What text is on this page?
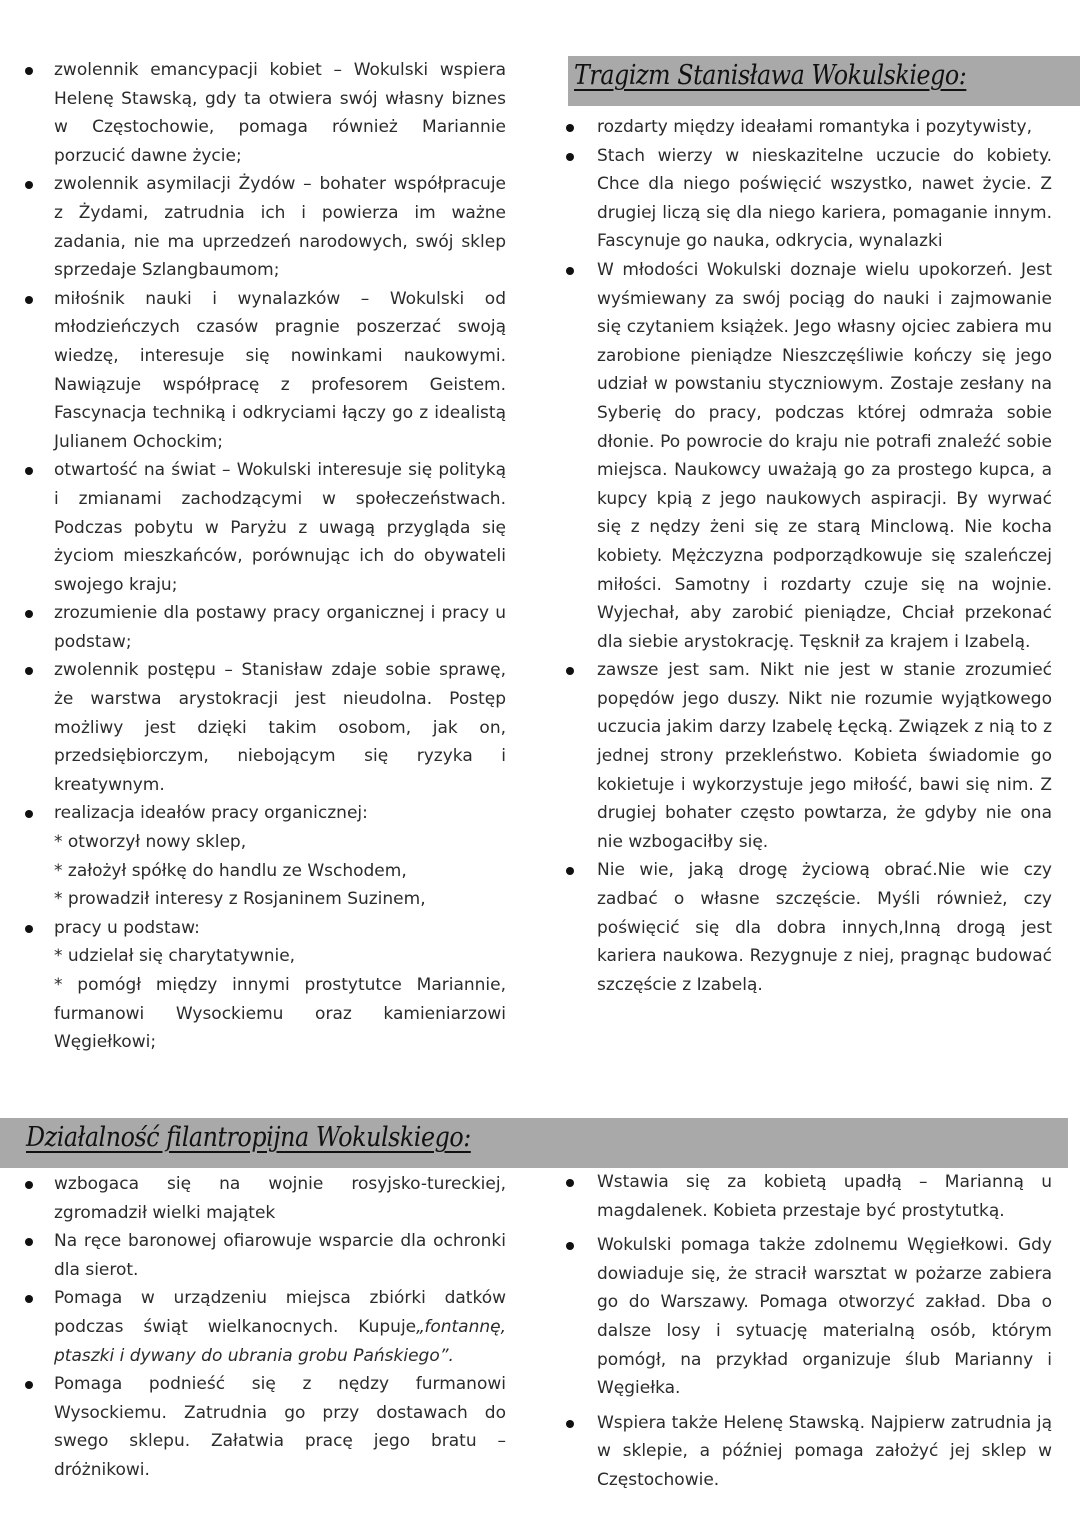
zwolennik emancypacji kobiet – Wokulski wspiera Helenę Stawską, gdy ta otwiera swój własny biznes w Częstochowie, pomaga również Mariannie porzucić dawne życie;
zwolennik asymilacji Żydów – bohater współpracuje z Żydami, zatrudnia ich i powierza im ważne zadania, nie ma uprzedzeń narodowych, swój sklep sprzedaje Szlangbaumom;
miłośnik nauki i wynalazków – Wokulski od młodzieńczych czasów pragnie poszerzać swoją wiedzę, interesuje się nowinkami naukowymi. Nawiązuje współpracę z profesorem Geistem. Fascynacja techniką i odkryciami łączy go z idealistą Julianem Ochockim;
otwartość na świat – Wokulski interesuje się polityką i zmianami zachodzącymi w społeczeństwach. Podczas pobytu w Paryżu z uwagą przygląda się życiom mieszkańców, porównując ich do obywateli swojego kraju;
zrozumienie dla postawy pracy organicznej i pracy u podstaw;
zwolennik postępu – Stanisław zdaje sobie sprawę, że warstwa arystokracji jest nieudolna. Postęp możliwy jest dzięki takim osobom, jak on, przedsiębiorczym, niebojącym się ryzyka i kreatywnym.
realizacja ideałów pracy organicznej:
* otworzył nowy sklep,
* założył spółkę do handlu ze Wschodem,
* prowadził interesy z Rosjaninem Suzinem,
pracy u podstaw:
* udzielał się charytatywnie,
* pomógł między innymi prostytutce Mariannie, furmanowi Wysockiemu oraz kamieniarzowi Węgiełkowi;
Tragizm Stanisława Wokulskiego:
rozdarty między ideałami romantyka i pozytywisty,
Stach wierzy w nieskazitelne uczucie do kobiety. Chce dla niego poświęcić wszystko, nawet życie. Z drugiej liczą się dla niego kariera, pomaganie innym. Fascynuje go nauka, odkrycia, wynalazki
W młodości Wokulski doznaje wielu upokorzeń. Jest wyśmiewany za swój pociąg do nauki i zajmowanie się czytaniem książek. Jego własny ojciec zabiera mu zarobione pieniądze Nieszczęśliwie kończy się jego udział w powstaniu styczniowym. Zostaje zesłany na Syberię do pracy, podczas której odmraża sobie dłonie. Po powrocie do kraju nie potrafi znaleźć sobie miejsca. Naukowcy uważają go za prostego kupca, a kupcy kpią z jego naukowych aspiracji. By wyrwać się z nędzy żeni się ze starą Minclową. Nie kocha kobiety. Mężczyzna podporządkowuje się szaleńczej miłości. Samotny i rozdarty czuje się na wojnie. Wyjechał, aby zarobić pieniądze, Chciał przekonać dla siebie arystokrację. Tęsknił za krajem i Izabelą.
zawsze jest sam. Nikt nie jest w stanie zrozumieć popędów jego duszy. Nikt nie rozumie wyjątkowego uczucia jakim darzy Izabelę Łęcką. Związek z nią to z jednej strony przekleństwo. Kobieta świadomie go kokietuje i wykorzystuje jego miłość, bawi się nim. Z drugiej bohater często powtarza, że gdyby nie ona nie wzbogaciłby się.
Nie wie, jaką drogę życiową obrać.Nie wie czy zadbać o własne szczęście. Myśli również, czy poświęcić się dla dobra innych,Inną drogą jest kariera naukowa. Rezygnuje z niej, pragnąc budować szczęście z Izabelą.
Działalność filantropijna Wokulskiego:
wzbogaca się na wojnie rosyjsko-tureckiej, zgromadził wielki majątek
Na ręce baronowej ofiarowuje wsparcie dla ochronki dla sierot.
Pomaga w urządzeniu miejsca zbiórki datków podczas świąt wielkanocnych. Kupuje„fontannę, ptaszki i dywany do ubrania grobu Pańskiego”.
Pomaga podnieść się z nędzy furmanowi Wysockiemu. Zatrudnia go przy dostawach do swego sklepu. Załatwia pracę jego bratu – dróżnikowi.
Wstawia się za kobietą upadłą – Marianną u magdalenek. Kobieta przestaje być prostytutką.
Wokulski pomaga także zdolnemu Węgiełkowi. Gdy dowiaduje się, że stracił warsztat w pożarze zabiera go do Warszawy. Pomaga otworzyć zakład. Dba o dalsze losy i sytuację materialną osób, którym pomógł, na przykład organizuje ślub Marianny i Węgiełka.
Wspiera także Helenę Stawską. Najpierw zatrudnia ją w sklepie, a później pomaga założyć jej sklep w Częstochowie.
